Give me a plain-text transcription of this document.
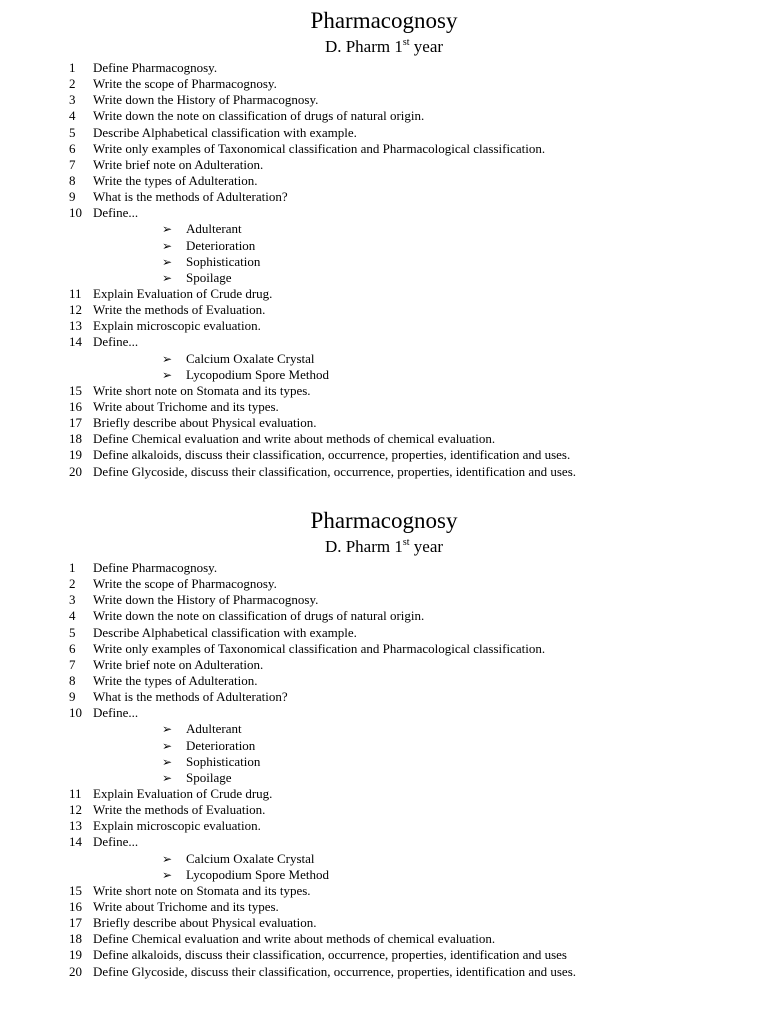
Pharmacognosy
D. Pharm 1st year
1	Define Pharmacognosy.
2	Write the scope of Pharmacognosy.
3	Write down the History of Pharmacognosy.
4	Write down the note on classification of drugs of natural origin.
5	Describe Alphabetical classification with example.
6	Write only examples of Taxonomical classification and Pharmacological classification.
7	Write brief note on Adulteration.
8	Write the types of Adulteration.
9	What is the methods of Adulteration?
10 Define...
➢ Adulterant
➢ Deterioration
➢ Sophistication
➢ Spoilage
11 Explain Evaluation of Crude drug.
12 Write the methods of Evaluation.
13 Explain microscopic evaluation.
14 Define...
➢ Calcium Oxalate Crystal
➢ Lycopodium Spore Method
15 Write short note on Stomata and its types.
16 Write about Trichome and its types.
17 Briefly describe about Physical evaluation.
18 Define Chemical evaluation and write about methods of chemical evaluation.
19 Define alkaloids, discuss their classification, occurrence, properties, identification and uses.
20 Define Glycoside, discuss their classification, occurrence, properties, identification and uses.
Pharmacognosy
D. Pharm 1st year
1	Define Pharmacognosy.
2	Write the scope of Pharmacognosy.
3	Write down the History of Pharmacognosy.
4	Write down the note on classification of drugs of natural origin.
5	Describe Alphabetical classification with example.
6	Write only examples of Taxonomical classification and Pharmacological classification.
7	Write brief note on Adulteration.
8	Write the types of Adulteration.
9	What is the methods of Adulteration?
10 Define...
➢ Adulterant
➢ Deterioration
➢ Sophistication
➢ Spoilage
11 Explain Evaluation of Crude drug.
12 Write the methods of Evaluation.
13 Explain microscopic evaluation.
14 Define...
➢ Calcium Oxalate Crystal
➢ Lycopodium Spore Method
15 Write short note on Stomata and its types.
16 Write about Trichome and its types.
17 Briefly describe about Physical evaluation.
18 Define Chemical evaluation and write about methods of chemical evaluation.
19 Define alkaloids, discuss their classification, occurrence, properties, identification and uses
20 Define Glycoside, discuss their classification, occurrence, properties, identification and uses.
